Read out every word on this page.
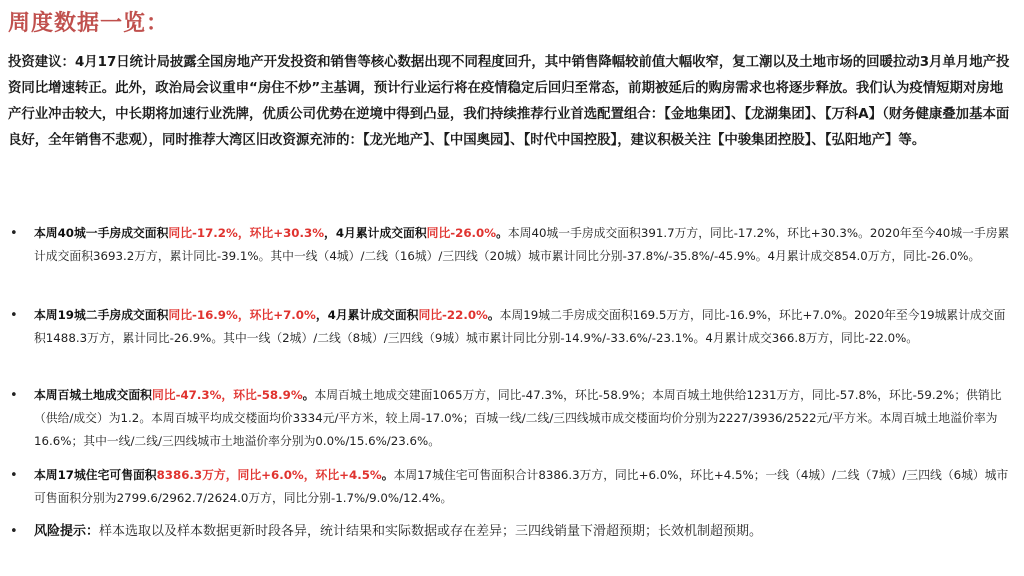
周度数据一览：
投资建议：4月17日统计局披露全国房地产开发投资和销售等核心数据出现不同程度回升，其中销售降幅较前值大幅收窄，复工潮以及土地市场的回暖拉动3月单月地产投资同比增速转正。此外，政治局会议重申“房住不炒”主基调，预计行业运行将在疫情稳定后回归至常态，前期被延后的购房需求也将逐步释放。我们认为疫情短期对房地产行业冲击较大，中长期将加速行业洗牌，优质公司优势在逆境中得到凸显，我们持续推荐行业首选配置组合：【金地集团】、【龙湖集团】、【万科A】（财务健康叠加基本面良好，全年销售不悲观），同时推荐大湾区旧改资源充沛的：【龙光地产】、【中国奥园】、【时代中国控股】，建议积极关注【中骏集团控股】、【弘阳地产】等。
• 本周40城一手房成交面积同比-17.2%，环比+30.3%，4月累计成交面积同比-26.0%。本周40城一手房成交面积391.7万方，同比-17.2%，环比+30.3%。2020年至今40城一手房累计成交面积3693.2万方，累计同比-39.1%。其中一线（4城）/二线（16城）/三四线（20城）城市累计同比分别-37.8%/-35.8%/-45.9%。4月累计成交854.0万方，同比-26.0%。
• 本周19城二手房成交面积同比-16.9%，环比+7.0%，4月累计成交面积同比-22.0%。本周19城二手房成交面积169.5万方，同比-16.9%，环比+7.0%。2020年至今19城累计成交面积1488.3万方，累计同比-26.9%。其中一线（2城）/二线（8城）/三四线（9城）城市累计同比分别-14.9%/-33.6%/-23.1%。4月累计成交366.8万方，同比-22.0%。
• 本周百城土地成交面积同比-47.3%，环比-58.9%。本周百城土地成交建面1065万方，同比-47.3%，环比-58.9%；本周百城土地供给1231万方，同比-57.8%，环比-59.2%；供销比（供给/成交）为1.2。本周百城平均成交楼面均价3334元/平方米，较上周-17.0%；百城一线/二线/三四线城市成交楼面均价分别为2227/3936/2522元/平方米。本周百城土地溢价率为16.6%；其中一线/二线/三四线城市土地溢价率分别为0.0%/15.6%/23.6%。
• 本周17城住宅可售面积8386.3万方，同比+6.0%，环比+4.5%。本周17城住宅可售面积合计8386.3万方，同比+6.0%，环比+4.5%；一线（4城）/二线（7城）/三四线（6城）城市可售面积分别为2799.6/2962.7/2624.0万方，同比分别-1.7%/9.0%/12.4%。
• 风险提示：样本选取以及样本数据更新时段各异，统计结果和实际数据或存在差异；三四线销量下滑超预期；长效机制超预期。
